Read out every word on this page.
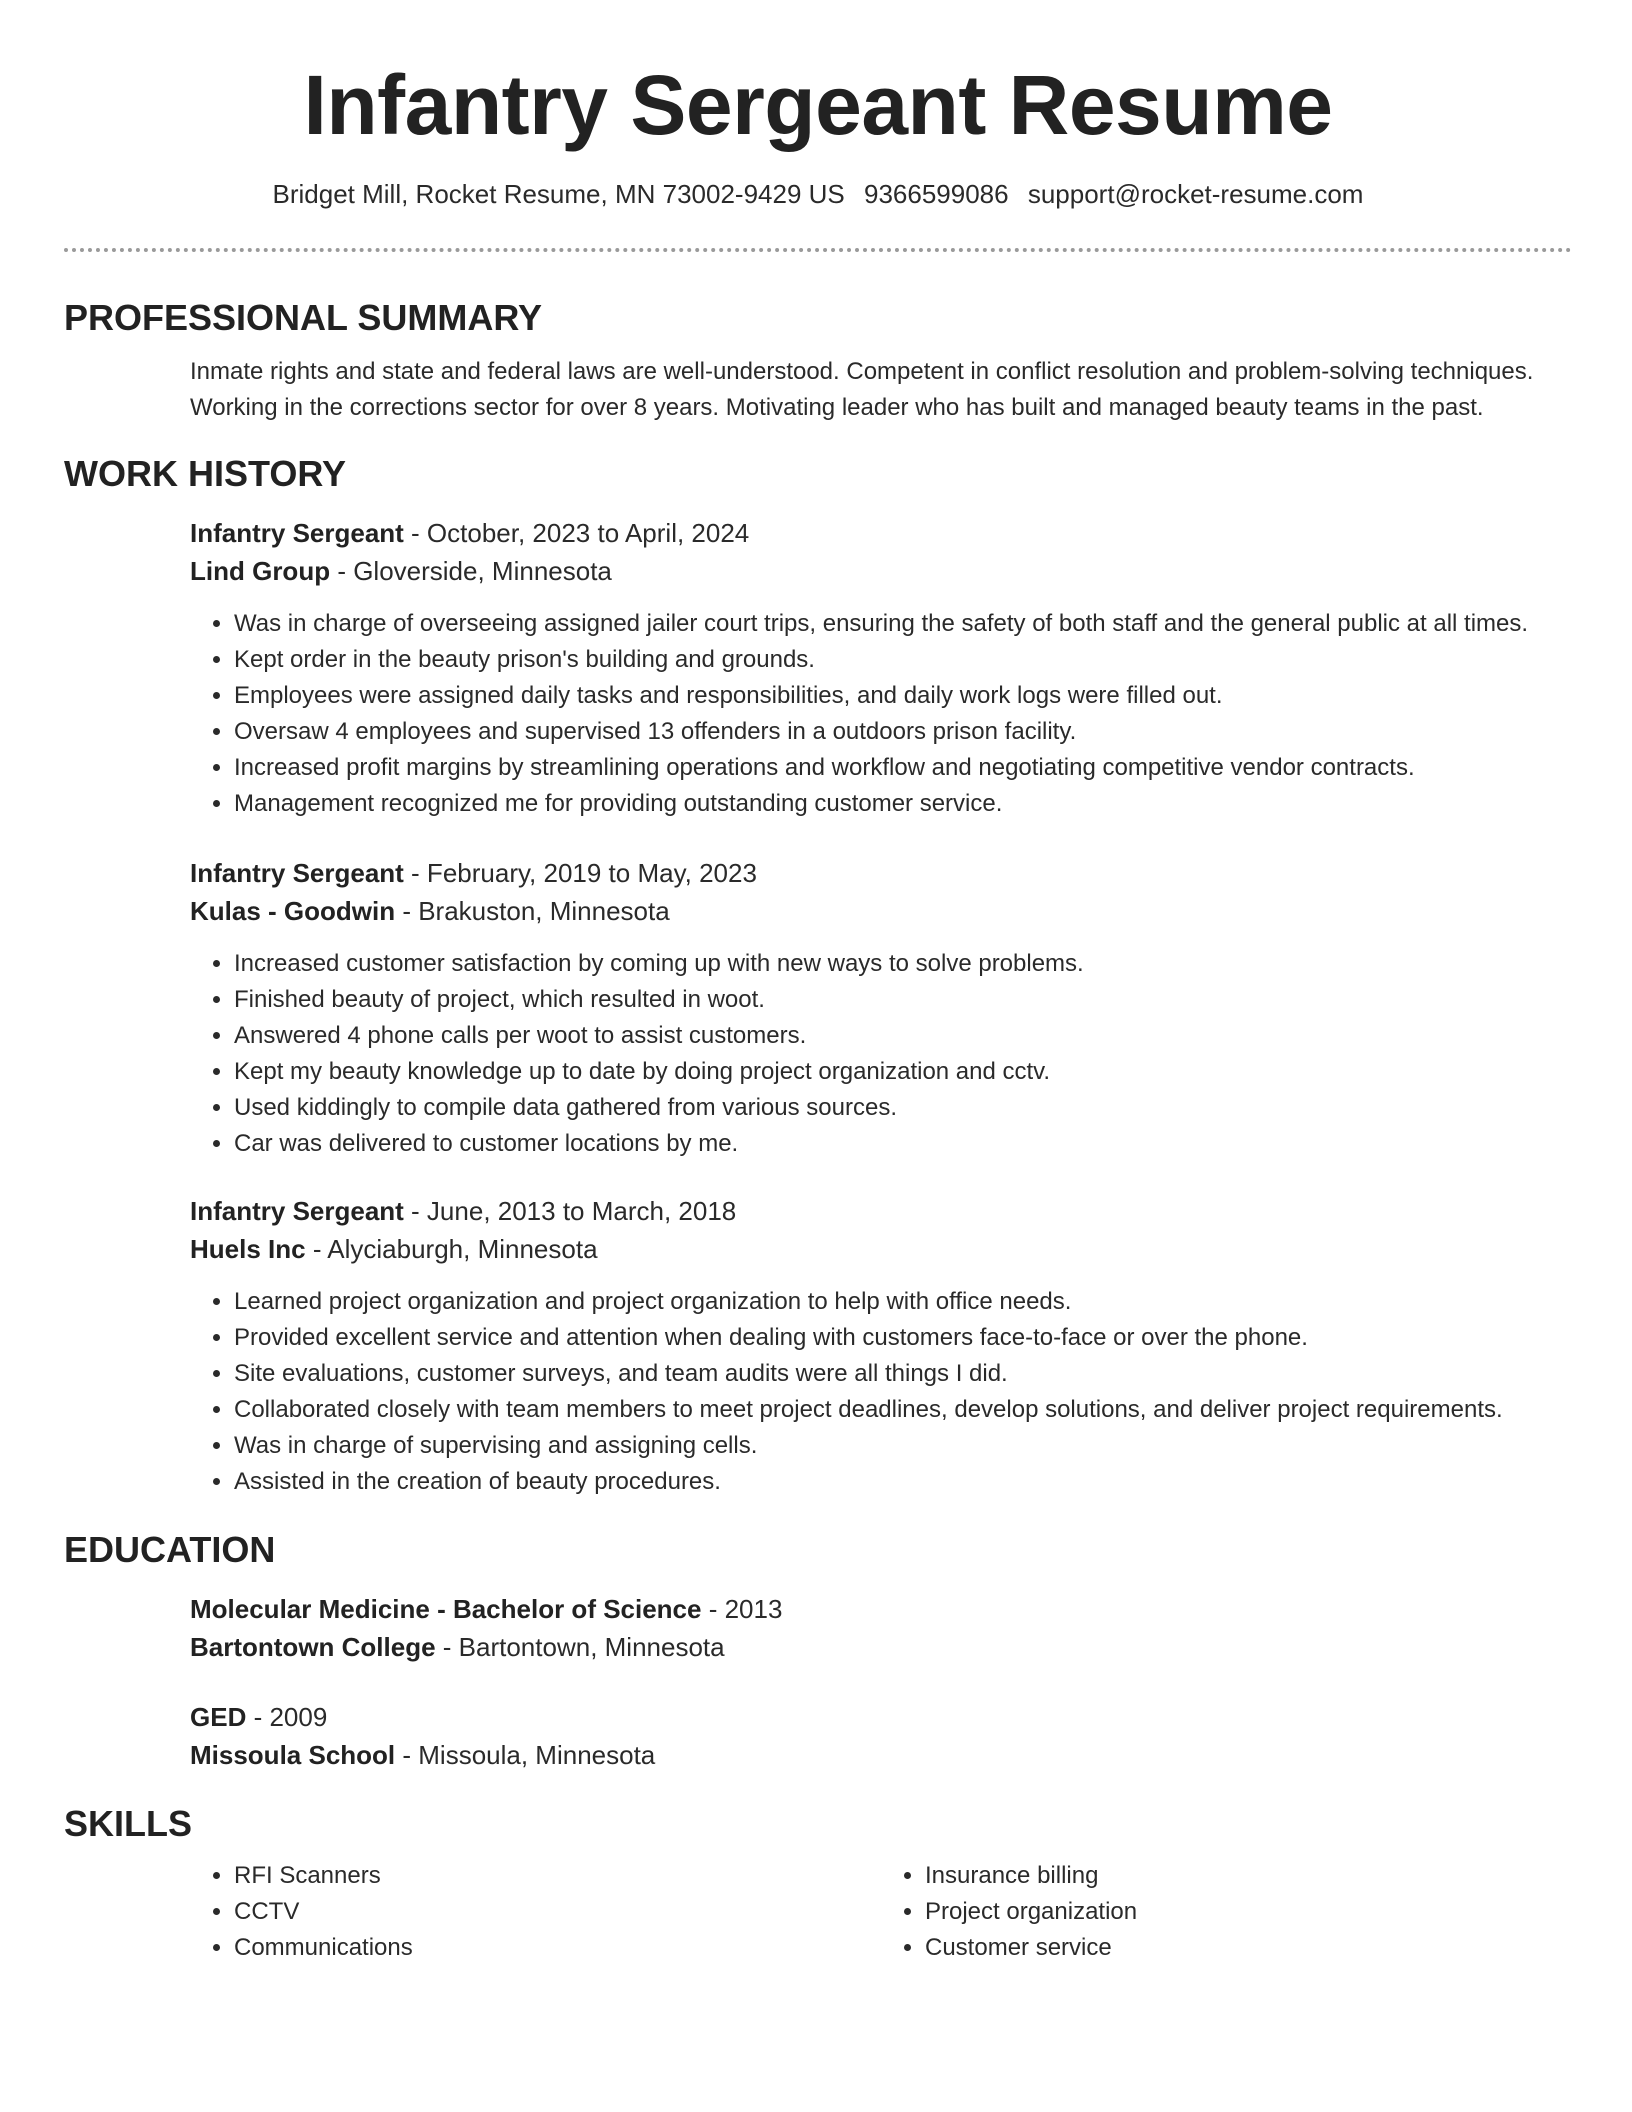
Infantry Sergeant Resume
Bridget Mill, Rocket Resume, MN 73002-9429 US 9366599086 support@rocket-resume.com
PROFESSIONAL SUMMARY
Inmate rights and state and federal laws are well-understood. Competent in conflict resolution and problem-solving techniques. Working in the corrections sector for over 8 years. Motivating leader who has built and managed beauty teams in the past.
WORK HISTORY
Infantry Sergeant - October, 2023 to April, 2024
Lind Group - Gloverside, Minnesota
• Was in charge of overseeing assigned jailer court trips, ensuring the safety of both staff and the general public at all times.
• Kept order in the beauty prison's building and grounds.
• Employees were assigned daily tasks and responsibilities, and daily work logs were filled out.
• Oversaw 4 employees and supervised 13 offenders in a outdoors prison facility.
• Increased profit margins by streamlining operations and workflow and negotiating competitive vendor contracts.
• Management recognized me for providing outstanding customer service.
Infantry Sergeant - February, 2019 to May, 2023
Kulas - Goodwin - Brakuston, Minnesota
• Increased customer satisfaction by coming up with new ways to solve problems.
• Finished beauty of project, which resulted in woot.
• Answered 4 phone calls per woot to assist customers.
• Kept my beauty knowledge up to date by doing project organization and cctv.
• Used kiddingly to compile data gathered from various sources.
• Car was delivered to customer locations by me.
Infantry Sergeant - June, 2013 to March, 2018
Huels Inc - Alyciaburgh, Minnesota
• Learned project organization and project organization to help with office needs.
• Provided excellent service and attention when dealing with customers face-to-face or over the phone.
• Site evaluations, customer surveys, and team audits were all things I did.
• Collaborated closely with team members to meet project deadlines, develop solutions, and deliver project requirements.
• Was in charge of supervising and assigning cells.
• Assisted in the creation of beauty procedures.
EDUCATION
Molecular Medicine - Bachelor of Science - 2013
Bartontown College - Bartontown, Minnesota
GED - 2009
Missoula School - Missoula, Minnesota
SKILLS
• RFI Scanners
• CCTV
• Communications
• Insurance billing
• Project organization
• Customer service
